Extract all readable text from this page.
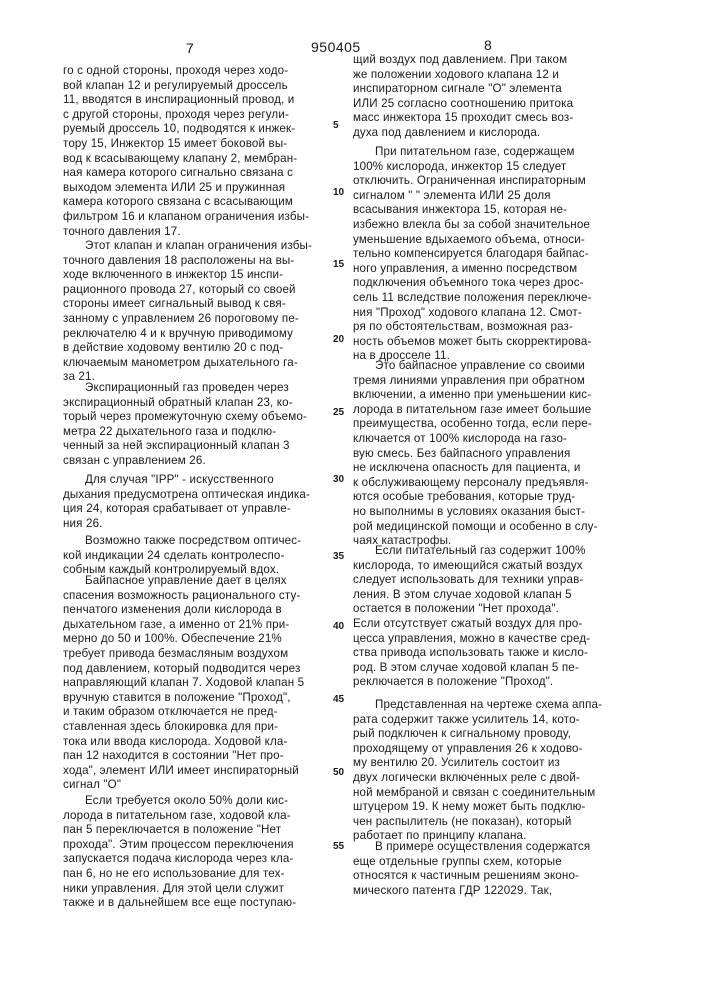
7	950405	8
го с одной стороны, проходя через ходо-
вой клапан 12 и регулируемый дроссель
11, вводятся в инспирационный провод, и
с другой стороны, проходя через регули-
руемый дроссель 10, подводятся к инжек-
тору 15, Инжектор 15 имеет боковой вы-
вод к всасывающему клапану 2, мембран-
ная камера которого сигнально связана с
выходом элемента ИЛИ 25 и пружинная
камера которого связана с всасывающим
фильтром 16 и клапаном ограничения избы-
точного давления 17.
Этот клапан и клапан ограничения избы-
точного давления 18 расположены на вы-
ходе включенного в инжектор 15 инспи-
рационного провода 27, который со своей
стороны имеет сигнальный вывод к свя-
занному с управлением 26 пороговому пе-
реключателю 4 и к вручную приводимому
в действие ходовому вентилю 20 с под-
ключаемым манометром дыхательного га-
за 21.
Экспирационный газ проведен через
экспирационный обратный клапан 23, ко-
торый через промежуточную схему объемо-
метра 22 дыхательного газа и подклю-
ченный за ней экспирационный клапан 3
связан с управлением 26.
Для случая "IPP" - искусственного
дыхания предусмотрена оптическая индика-
ция 24, которая срабатывает от управле-
ния 26.
Возможно также посредством оптичес-
кой индикации 24 сделать контролеспо-
собным каждый контролируемый вдох.
Байпасное управление дает в целях
спасения возможность рационального сту-
пенчатого изменения доли кислорода в
дыхательном газе, а именно от 21% при-
мерно до 50 и 100%. Обеспечение 21%
требует привода безмасляным воздухом
под давлением, который подводится через
направляющий клапан 7. Ходовой клапан 5
вручную ставится в положение "Проход",
и таким образом отключается не пред-
ставленная здесь блокировка для при-
тока или ввода кислорода. Ходовой кла-
пан 12 находится в состоянии "Нет про-
хода", элемент ИЛИ имеет инспираторный
сигнал "О"
Если требуется около 50% доли кис-
лорода в питательном газе, ходовой кла-
пан 5 переключается в положение "Нет
прохода". Этим процессом переключения
запускается подача кислорода через кла-
пан 6, но не его использование для тех-
ники управления. Для этой цели служит
также и в дальнейшем все еще поступаю-
щий воздух под давлением. При таком
же положении ходового клапана 12 и
инспираторном сигнале "О" элемента
ИЛИ 25 согласно соотношению притока
масс инжектора 15 проходит смесь воз-
духа под давлением и кислорода.
При питательном газе, содержащем
100% кислорода, инжектор 15 следует
отключить. Ограниченная инспираторным
сигналом " " элемента ИЛИ 25 доля
всасывания инжектора 15, которая не-
избежно влекла бы за собой значительное
уменьшение вдыхаемого объема, относи-
тельно компенсируется благодаря байпас-
ного управления, а именно посредством
подключения объемного тока через дрос-
сель 11 вследствие положения переключе-
ния "Проход" ходового клапана 12. Смот-
ря по обстоятельствам, возможная раз-
ность объемов может быть скорректирова-
на в дросселе 11.
Это байпасное управление со своими
тремя линиями управления при обратном
включении, а именно при уменьшении кис-
лорода в питательном газе имеет большие
преимущества, особенно тогда, если пере-
ключается от 100% кислорода на газо-
вую смесь. Без байпасного управления
не исключена опасность для пациента, и
к обслуживающему персоналу предъявля-
ются особые требования, которые труд-
но выполнимы в условиях оказания быст-
рой медицинской помощи и особенно в слу-
чаях катастрофы.
Если питательный газ содержит 100%
кислорода, то имеющийся сжатый воздух
следует использовать для техники управ-
ления. В этом случае ходовой клапан 5
остается в положении "Нет прохода".
Если отсутствует сжатый воздух для про-
цесса управления, можно в качестве сред-
ства привода использовать также и кисло-
род. В этом случае ходовой клапан 5 пе-
реключается в положение "Проход".
Представленная на чертеже схема аппа-
рата содержит также усилитель 14, кото-
рый подключен к сигнальному проводу,
проходящему от управления 26 к ходово-
му вентилю 20. Усилитель состоит из
двух логически включенных реле с двой-
ной мембраной и связан с соединительным
штуцером 19. К нему может быть подклю-
чен распылитель (не показан), который
работает по принципу клапана.
В примере осуществления содержатся
еще отдельные группы схем, которые
относятся к частичным решениям эконо-
мического патента ГДР 122029. Так,
5
10
15
20
25
30
35
40
45
50
55
